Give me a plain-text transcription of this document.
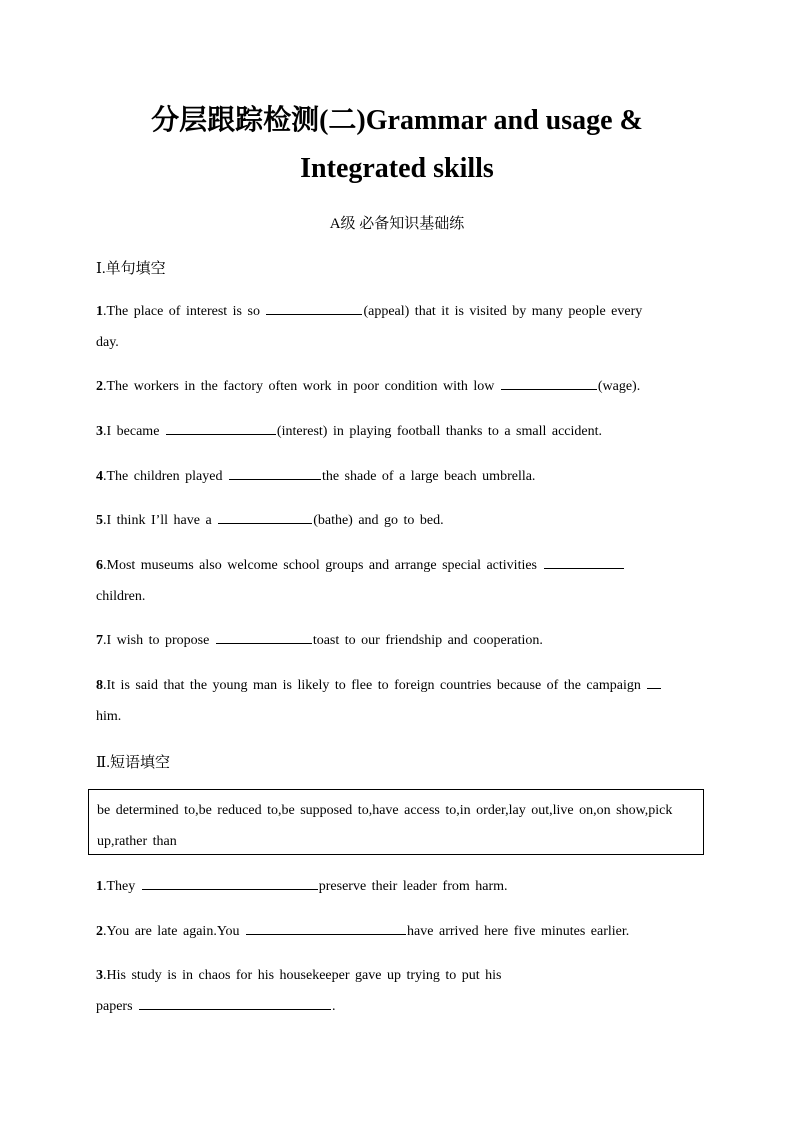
分层跟踪检测(二)Grammar and usage &
Integrated skills
A级 必备知识基础练
Ⅰ.单句填空
1.The place of interest is so	(appeal) that it is visited by many people every
day.
2.The workers in the factory often work in poor condition with low	(wage).
3.I became	(interest) in playing football thanks to a small accident.
4.The children played	the shade of a large beach umbrella.
5.I think I’ll have a	(bathe) and go to bed.
6.Most museums also welcome school groups and arrange special activities
children.
7.I wish to propose	toast to our friendship and cooperation.
8.It is said that the young man is likely to flee to foreign countries because of the campaign
him.
Ⅱ.短语填空
be determined to,be reduced to,be supposed to,have access to,in order,lay out,live on,on show,pick up,rather than
1.They	preserve their leader from harm.
2.You are late again.You	have arrived here five minutes earlier.
3.His study is in chaos for his housekeeper gave up trying to put his
papers	.
